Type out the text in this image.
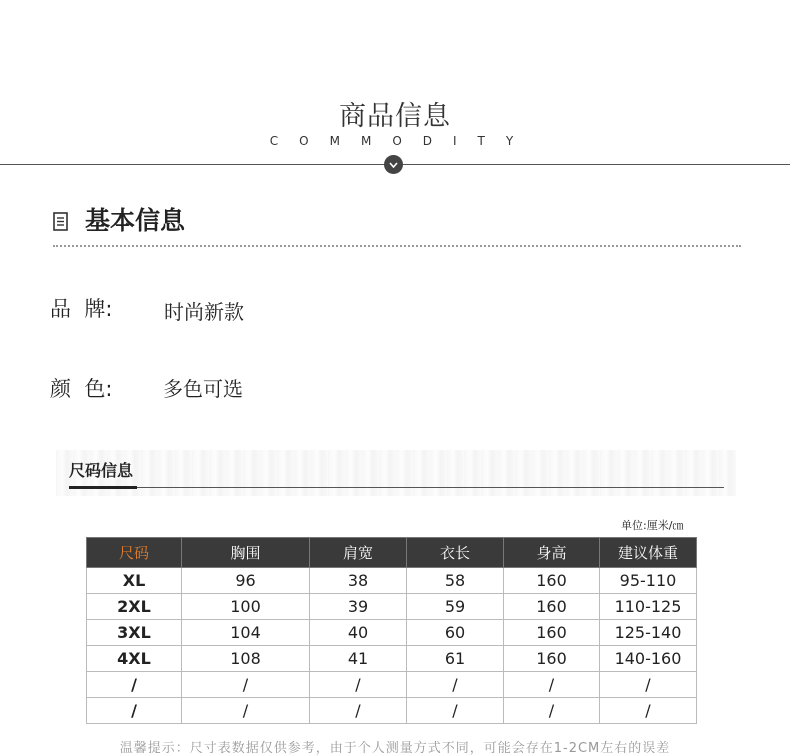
商品信息
COMMODITY
基本信息
品  牌:	时尚新款
颜  色:	多色可选
尺码信息
单位:厘米/㎝
尺码	胸围	肩宽	衣长	身高	建议体重
XL	96	38	58	160	95-110
2XL	100	39	59	160	110-125
3XL	104	40	60	160	125-140
4XL	108	41	61	160	140-160
/	/	/	/	/	/
/	/	/	/	/	/
温馨提示：尺寸表数据仅供参考，由于个人测量方式不同，可能会存在1-2CM左右的误差
